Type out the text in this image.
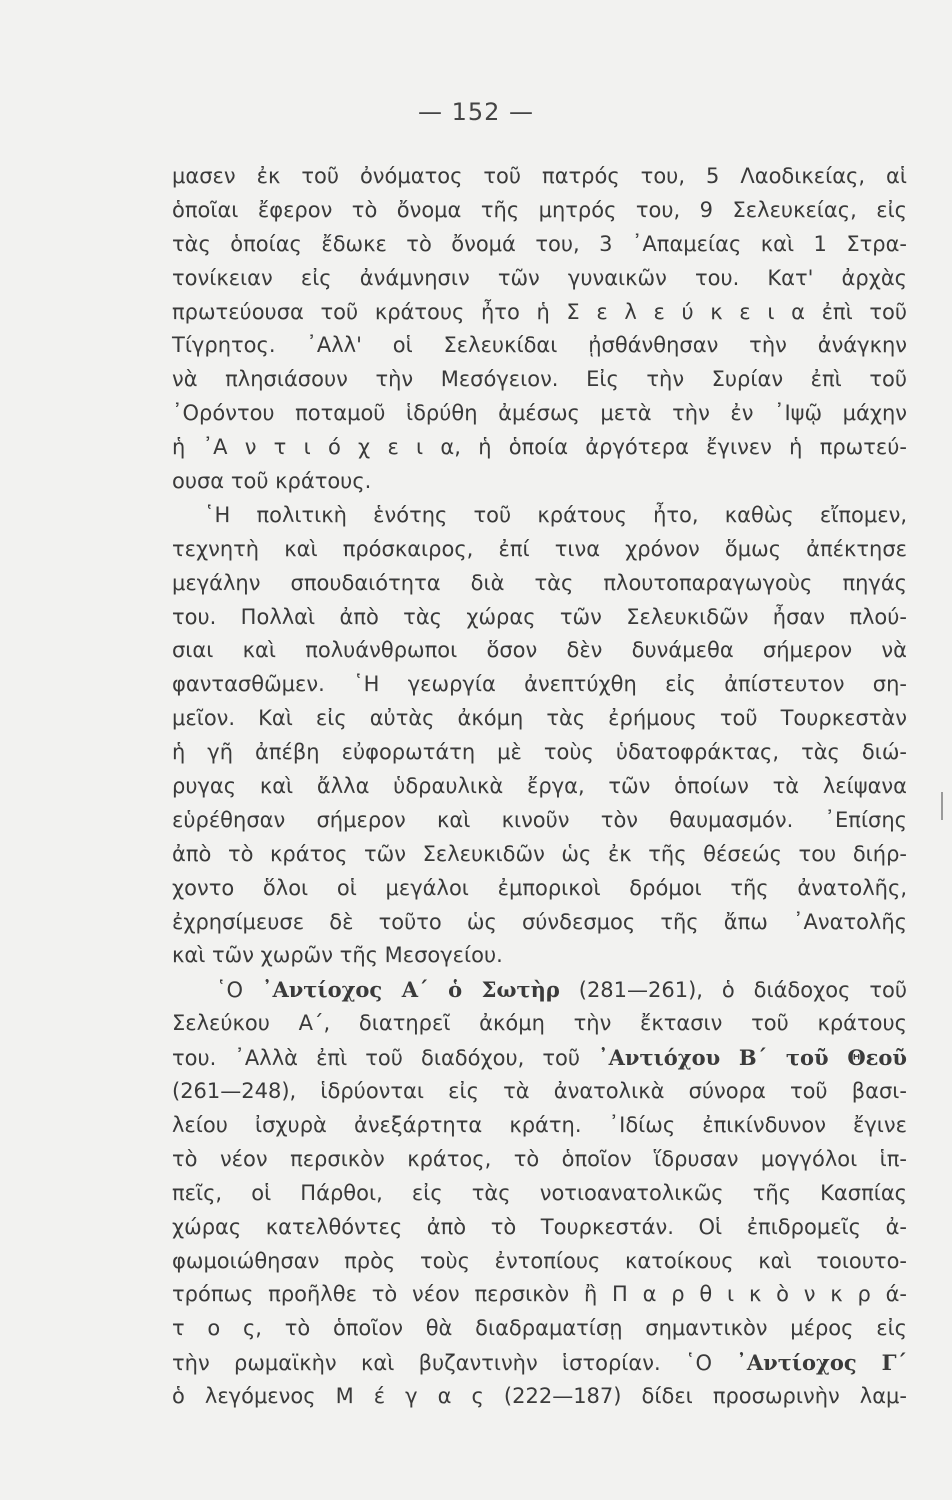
— 152 —
μασεν ἐκ τοῦ ὀνόματος τοῦ πατρός του, 5 Λαοδικείας, αἱ
ὁποῖαι ἔφερον τὸ ὄνομα τῆς μητρός του, 9 Σελευκείας, εἰς
τὰς ὁποίας ἔδωκε τὸ ὄνομά του, 3 ᾿Απαμείας καὶ 1 Στρα-
τονίκειαν εἰς ἀνάμνησιν τῶν γυναικῶν του. Κατ' ἀρχὰς
πρωτεύουσα τοῦ κράτους ἦτο ἡ Σ ε λ ε ύ κ ε ι α ἐπὶ τοῦ
Τίγρητος. ᾿Αλλ' οἱ Σελευκίδαι ᾐσθάνθησαν τὴν ἀνάγκην
νὰ πλησιάσουν τὴν Μεσόγειον. Εἰς τὴν Συρίαν ἐπὶ τοῦ
᾿Ορόντου ποταμοῦ ἱδρύθη ἀμέσως μετὰ τὴν ἐν ᾿Ιψῷ μάχην
ἡ ᾿Α ν τ ι ό χ ε ι α, ἡ ὁποία ἀργότερα ἔγινεν ἡ πρωτεύ-
ουσα τοῦ κράτους.
῾Η πολιτικὴ ἑνότης τοῦ κράτους ἦτο, καθὼς εἴπομεν,
τεχνητὴ καὶ πρόσκαιρος, ἐπί τινα χρόνον ὅμως ἀπέκτησε
μεγάλην σπουδαιότητα διὰ τὰς πλουτοπαραγωγοὺς πηγάς
του. Πολλαὶ ἀπὸ τὰς χώρας τῶν Σελευκιδῶν ἦσαν πλού-
σιαι καὶ πολυάνθρωποι ὅσον δὲν δυνάμεθα σήμερον νὰ
φαντασθῶμεν. ῾Η γεωργία ἀνεπτύχθη εἰς ἀπίστευτον ση-
μεῖον. Καὶ εἰς αὐτὰς ἀκόμη τὰς ἐρήμους τοῦ Τουρκεστὰν
ἡ γῆ ἀπέβη εὐφορωτάτη μὲ τοὺς ὑδατοφράκτας, τὰς διώ-
ρυγας καὶ ἄλλα ὑδραυλικὰ ἔργα, τῶν ὁποίων τὰ λείψανα
εὑρέθησαν σήμερον καὶ κινοῦν τὸν θαυμασμόν. ᾿Επίσης
ἀπὸ τὸ κράτος τῶν Σελευκιδῶν ὡς ἐκ τῆς θέσεώς του διήρ-
χοντο ὅλοι οἱ μεγάλοι ἐμπορικοὶ δρόμοι τῆς ἀνατολῆς,
ἐχρησίμευσε δὲ τοῦτο ὡς σύνδεσμος τῆς ἄπω ᾿Ανατολῆς
καὶ τῶν χωρῶν τῆς Μεσογείου.
῾Ο ᾿Αντίοχος Α΄ ὁ Σωτὴρ (281—261), ὁ διάδοχος τοῦ
Σελεύκου Α΄, διατηρεῖ ἀκόμη τὴν ἔκτασιν τοῦ κράτους
του. ᾿Αλλὰ ἐπὶ τοῦ διαδόχου, τοῦ ᾿Αντιόχου Β΄ τοῦ Θεοῦ
(261—248), ἱδρύονται εἰς τὰ ἀνατολικὰ σύνορα τοῦ βασι-
λείου ἰσχυρὰ ἀνεξάρτητα κράτη. ᾿Ιδίως ἐπικίνδυνον ἔγινε
τὸ νέον περσικὸν κράτος, τὸ ὁποῖον ἵδρυσαν μογγόλοι ἱπ-
πεῖς, οἱ Πάρθοι, εἰς τὰς νοτιοανατολικῶς τῆς Κασπίας
χώρας κατελθόντες ἀπὸ τὸ Τουρκεστάν. Οἱ ἐπιδρομεῖς ἀ-
φωμοιώθησαν πρὸς τοὺς ἐντοπίους κατοίκους καὶ τοιουτο-
τρόπως προῆλθε τὸ νέον περσικὸν ἢ Π α ρ θ ι κ ὸ ν κ ρ ά-
τ ο ς, τὸ ὁποῖον θὰ διαδραματίσῃ σημαντικὸν μέρος εἰς
τὴν ρωμαϊκὴν καὶ βυζαντινὴν ἱστορίαν. ῾Ο ᾿Αντίοχος Γ΄
ὁ λεγόμενος Μ έ γ α ς (222—187) δίδει προσωρινὴν λαμ-
